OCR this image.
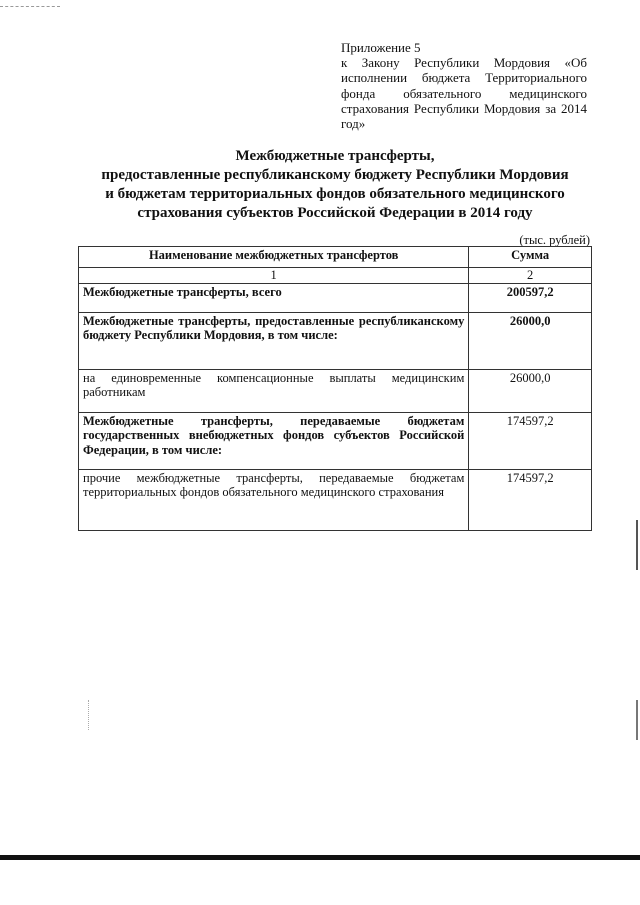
Приложение 5
к Закону Республики Мордовия «Об исполнении бюджета Территориального фонда обязательного медицинского страхования Республики Мордовия за 2014 год»
Межбюджетные трансферты,
предоставленные республиканскому бюджету Республики Мордовия
и бюджетам территориальных фондов обязательного медицинского
страхования субъектов Российской Федерации в 2014 году
(тыс. рублей)
Наименование межбюджетных трансфертов	Сумма
1	2
Межбюджетные трансферты, всего	200597,2
Межбюджетные трансферты, предоставленные республиканскому бюджету Республики Мордовия, в том числе:	26000,0
на единовременные компенсационные выплаты медицинским работникам	26000,0
Межбюджетные трансферты, передаваемые бюджетам государственных внебюджетных фондов субъектов Российской Федерации, в том числе:	174597,2
прочие межбюджетные трансферты, передаваемые бюджетам территориальных фондов обязательного медицинского страхования	174597,2
